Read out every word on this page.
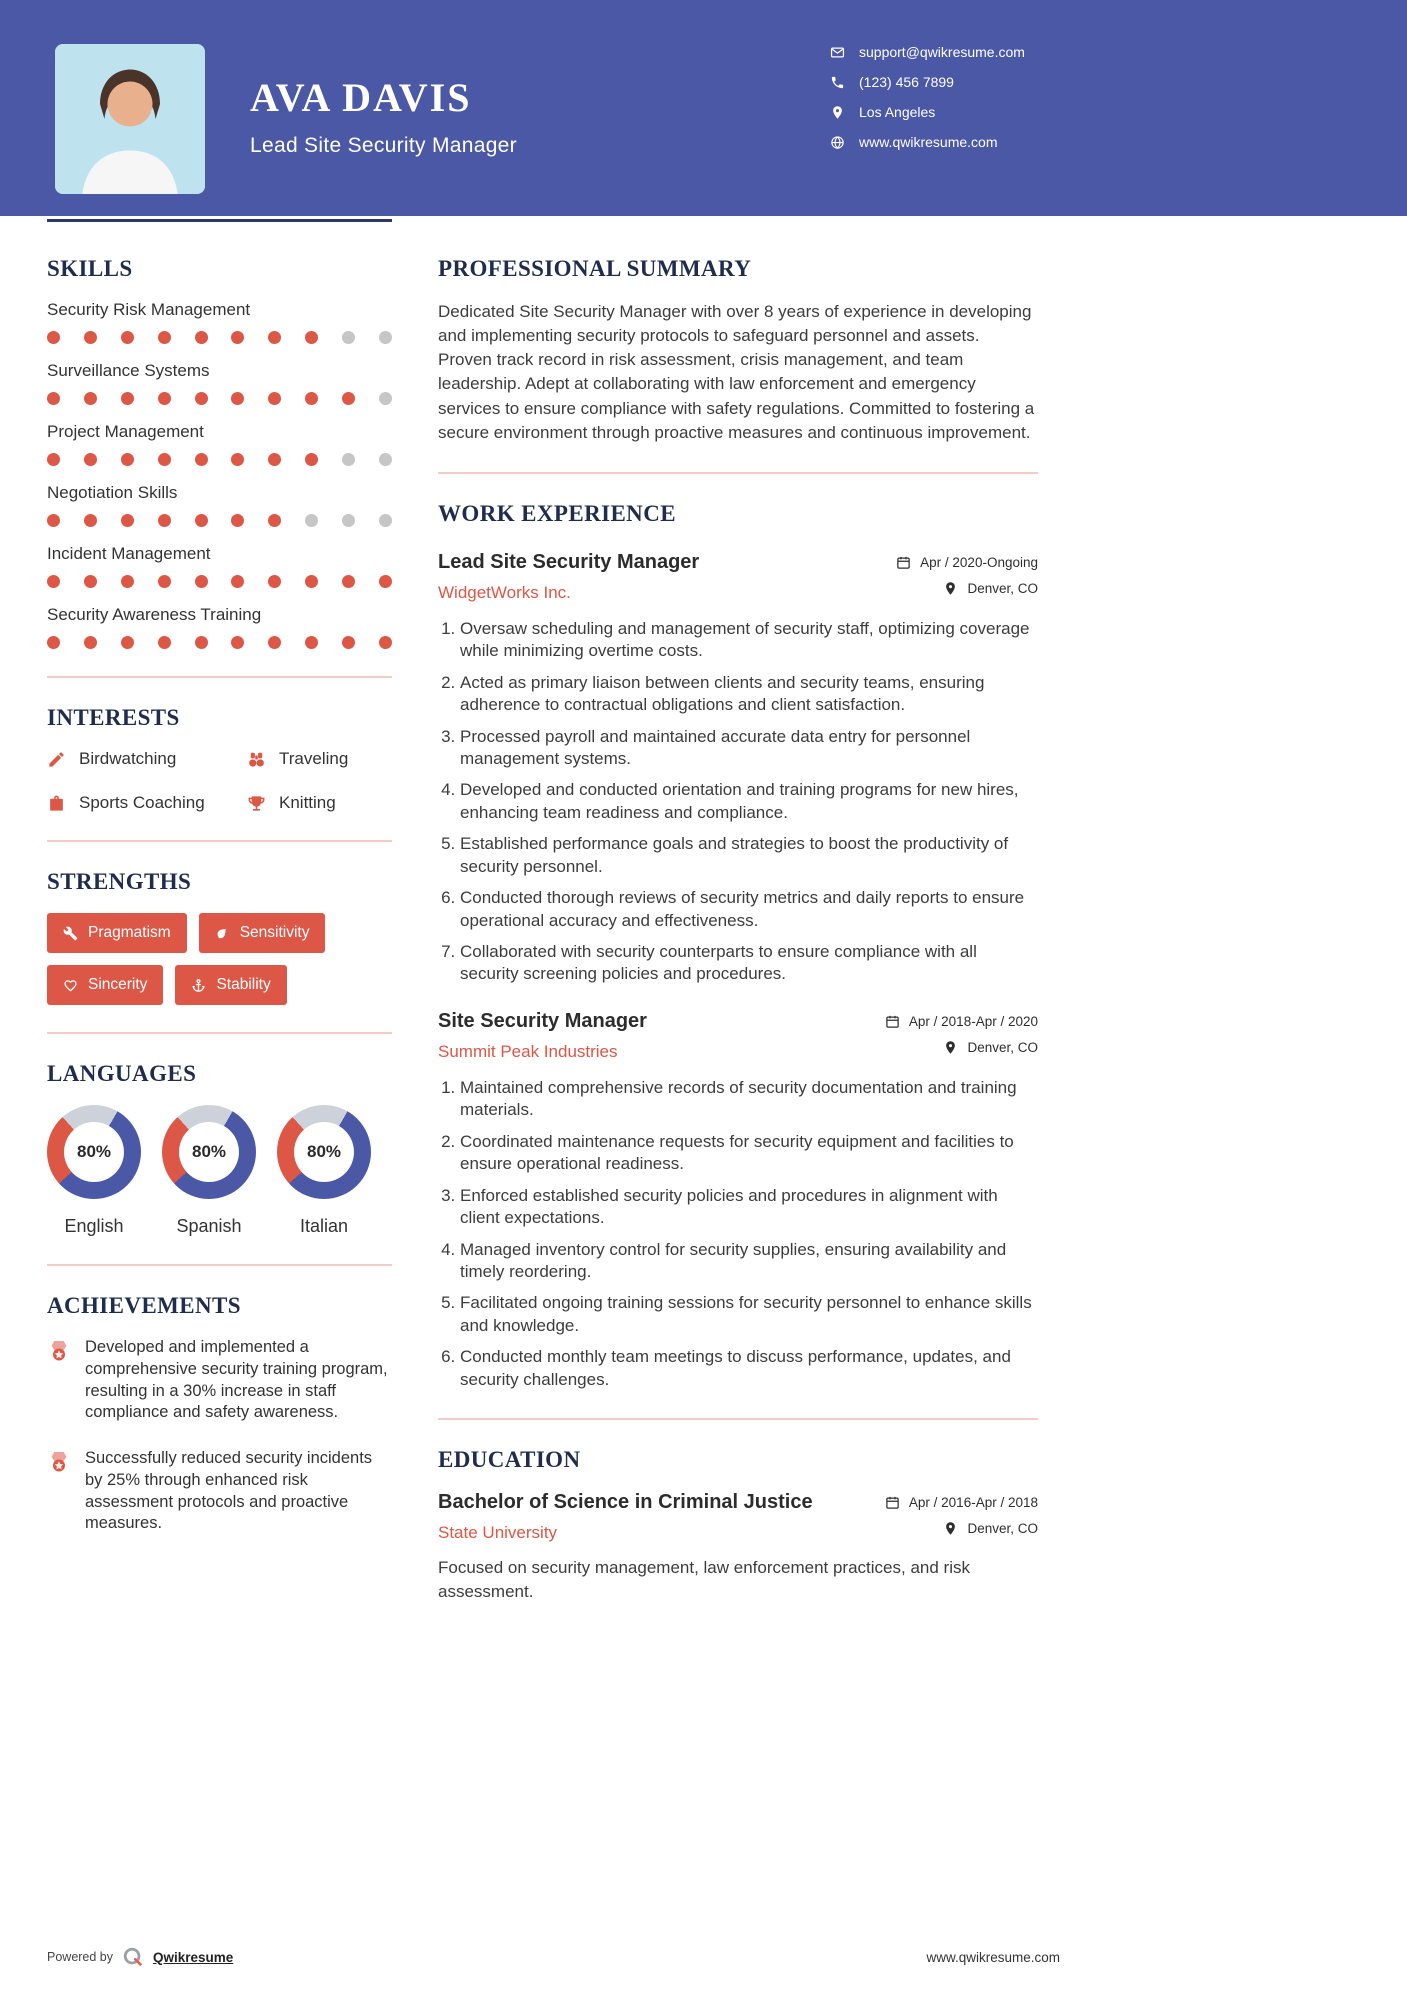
AVA DAVIS
Lead Site Security Manager
support@qwikresume.com
(123) 456 7899
Los Angeles
www.qwikresume.com
SKILLS
Security Risk Management
Surveillance Systems
Project Management
Negotiation Skills
Incident Management
Security Awareness Training
INTERESTS
Birdwatching	Traveling
Sports Coaching	Knitting
STRENGTHS
Pragmatism	Sensitivity
Sincerity	Stability
LANGUAGES
80%
English
80%
Spanish
80%
Italian
ACHIEVEMENTS
Developed and implemented a comprehensive security training program, resulting in a 30% increase in staff compliance and safety awareness.
Successfully reduced security incidents by 25% through enhanced risk assessment protocols and proactive measures.
PROFESSIONAL SUMMARY

Dedicated Site Security Manager with over 8 years of experience in developing and implementing security protocols to safeguard personnel and assets. Proven track record in risk assessment, crisis management, and team leadership. Adept at collaborating with law enforcement and emergency services to ensure compliance with safety regulations. Committed to fostering a secure environment through proactive measures and continuous improvement.

WORK EXPERIENCE
Lead Site Security Manager	Apr / 2020-Ongoing
WidgetWorks Inc.	Denver, CO
1. Oversaw scheduling and management of security staff, optimizing coverage while minimizing overtime costs.
2. Acted as primary liaison between clients and security teams, ensuring adherence to contractual obligations and client satisfaction.
3. Processed payroll and maintained accurate data entry for personnel management systems.
4. Developed and conducted orientation and training programs for new hires, enhancing team readiness and compliance.
5. Established performance goals and strategies to boost the productivity of security personnel.
6. Conducted thorough reviews of security metrics and daily reports to ensure operational accuracy and effectiveness.
7. Collaborated with security counterparts to ensure compliance with all security screening policies and procedures.
Site Security Manager	Apr / 2018-Apr / 2020
Summit Peak Industries	Denver, CO
1. Maintained comprehensive records of security documentation and training materials.
2. Coordinated maintenance requests for security equipment and facilities to ensure operational readiness.
3. Enforced established security policies and procedures in alignment with client expectations.
4. Managed inventory control for security supplies, ensuring availability and timely reordering.
5. Facilitated ongoing training sessions for security personnel to enhance skills and knowledge.
6. Conducted monthly team meetings to discuss performance, updates, and security challenges.
EDUCATION
Bachelor of Science in Criminal Justice	Apr / 2016-Apr / 2018
State University	Denver, CO

Focused on security management, law enforcement practices, and risk assessment.

Powered by	Qwikresume	www.qwikresume.com
